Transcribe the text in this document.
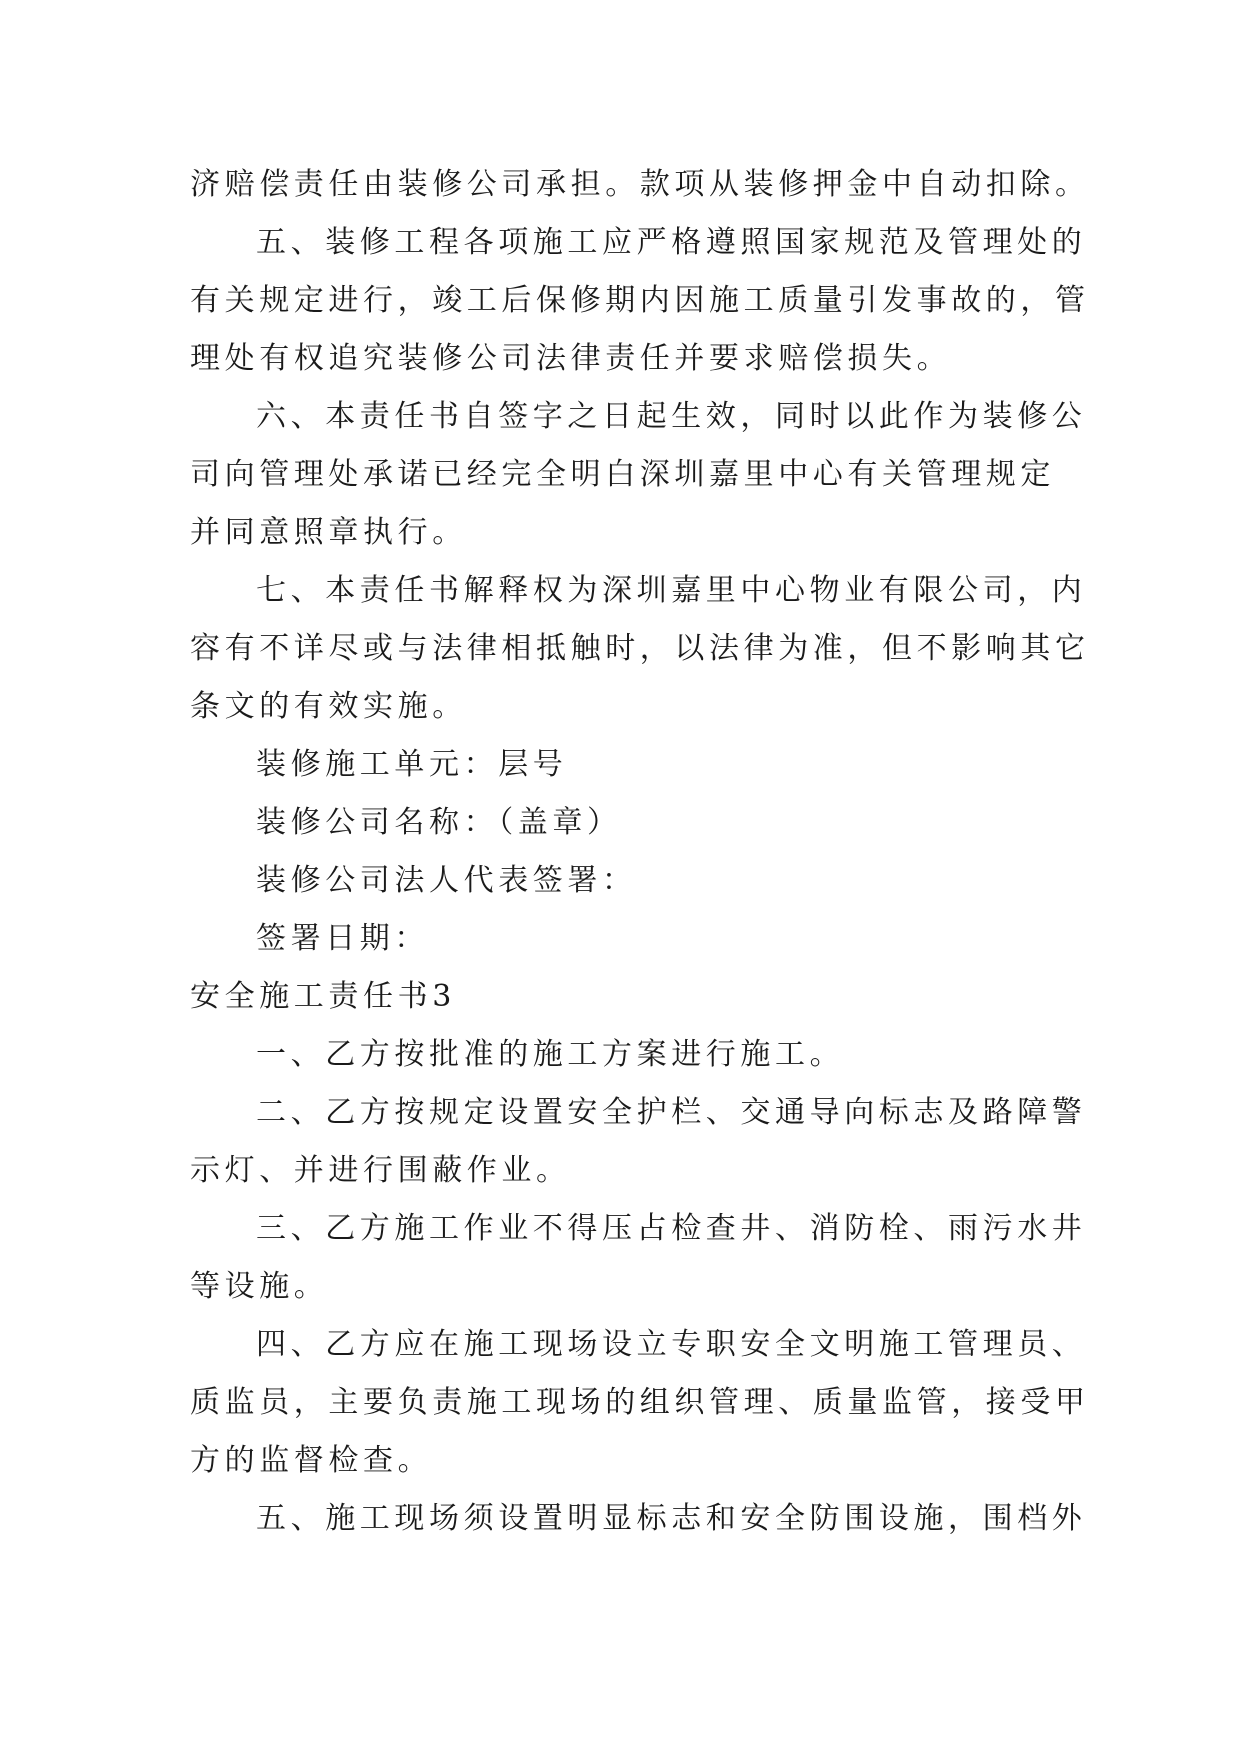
济赔偿责任由装修公司承担。款项从装修押金中自动扣除。
五、装修工程各项施工应严格遵照国家规范及管理处的
有关规定进行，竣工后保修期内因施工质量引发事故的，管
理处有权追究装修公司法律责任并要求赔偿损失。
六、本责任书自签字之日起生效，同时以此作为装修公
司向管理处承诺已经完全明白深圳嘉里中心有关管理规定
并同意照章执行。
七、本责任书解释权为深圳嘉里中心物业有限公司，内
容有不详尽或与法律相抵触时，以法律为准，但不影响其它
条文的有效实施。
装修施工单元：层号
装修公司名称：（盖章）
装修公司法人代表签署：
签署日期：
安全施工责任书3
一、乙方按批准的施工方案进行施工。
二、乙方按规定设置安全护栏、交通导向标志及路障警
示灯、并进行围蔽作业。
三、乙方施工作业不得压占检查井、消防栓、雨污水井
等设施。
四、乙方应在施工现场设立专职安全文明施工管理员、
质监员，主要负责施工现场的组织管理、质量监管，接受甲
方的监督检查。
五、施工现场须设置明显标志和安全防围设施，围档外
